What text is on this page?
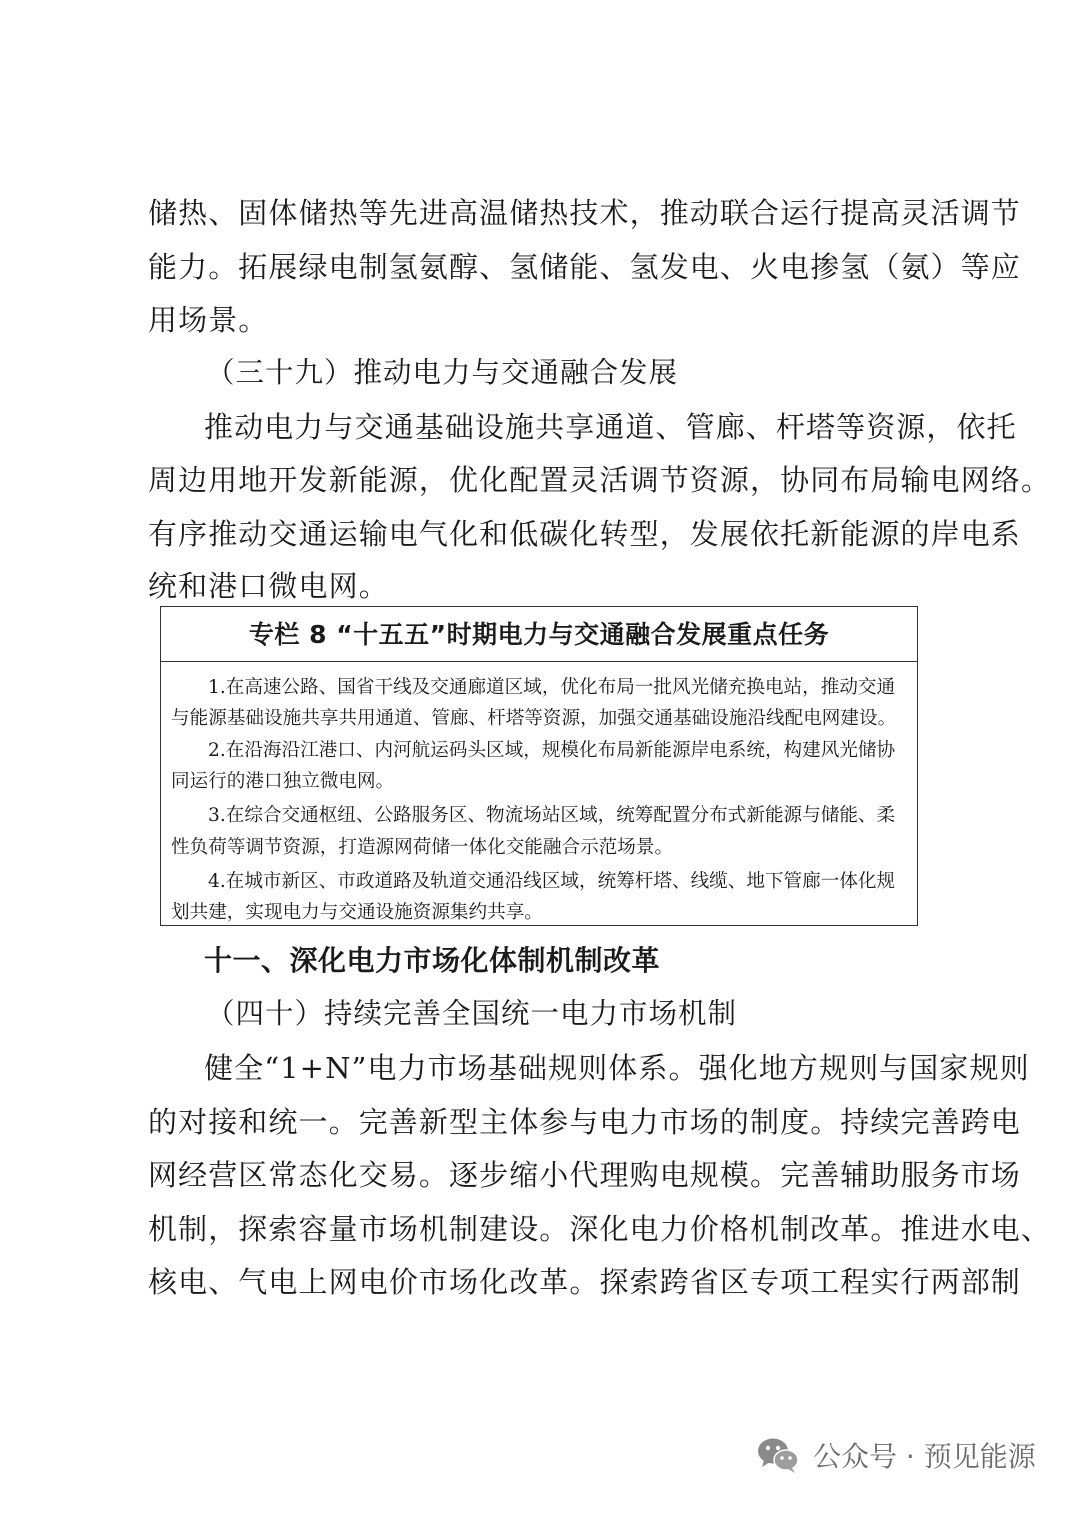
储热、固体储热等先进高温储热技术，推动联合运行提高灵活调节
能力。拓展绿电制氢氨醇、氢储能、氢发电、火电掺氢（氨）等应
用场景。
（三十九）推动电力与交通融合发展
推动电力与交通基础设施共享通道、管廊、杆塔等资源，依托
周边用地开发新能源，优化配置灵活调节资源，协同布局输电网络。
有序推动交通运输电气化和低碳化转型，发展依托新能源的岸电系
统和港口微电网。
专栏 8 “十五五”时期电力与交通融合发展重点任务
1.在高速公路、国省干线及交通廊道区域，优化布局一批风光储充换电站，推动交通
与能源基础设施共享共用通道、管廊、杆塔等资源，加强交通基础设施沿线配电网建设。
2.在沿海沿江港口、内河航运码头区域，规模化布局新能源岸电系统，构建风光储协
同运行的港口独立微电网。
3.在综合交通枢纽、公路服务区、物流场站区域，统筹配置分布式新能源与储能、柔
性负荷等调节资源，打造源网荷储一体化交能融合示范场景。
4.在城市新区、市政道路及轨道交通沿线区域，统筹杆塔、线缆、地下管廊一体化规
划共建，实现电力与交通设施资源集约共享。
十一、深化电力市场化体制机制改革
（四十）持续完善全国统一电力市场机制
健全“1+N”电力市场基础规则体系。强化地方规则与国家规则
的对接和统一。完善新型主体参与电力市场的制度。持续完善跨电
网经营区常态化交易。逐步缩小代理购电规模。完善辅助服务市场
机制，探索容量市场机制建设。深化电力价格机制改革。推进水电、
核电、气电上网电价市场化改革。探索跨省区专项工程实行两部制
公众号 · 预见能源
